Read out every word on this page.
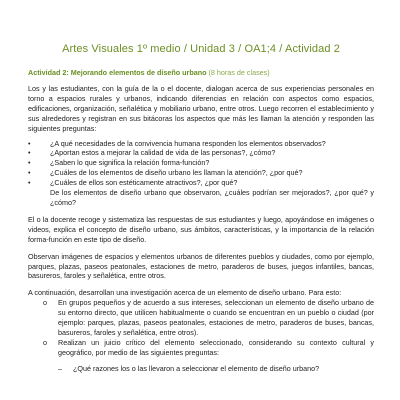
Artes Visuales 1º medio / Unidad 3 / OA1;4 / Actividad 2
Actividad 2: Mejorando elementos de diseño urbano (8 horas de clases)

Los y las estudiantes, con la guía de la o el docente, dialogan acerca de sus experiencias personales en torno a espacios rurales y urbanos, indicando diferencias en relación con aspectos como espacios, edificaciones, organización, señalética y mobiliario urbano, entre otros. Luego recorren el establecimiento y sus alrededores y registran en sus bitácoras los aspectos que más les llaman la atención y responden las siguientes preguntas:

•	¿A qué necesidades de la convivencia humana responden los elementos observados?
•	¿Aportan estos a mejorar la calidad de vida de las personas?, ¿cómo?
•	¿Saben lo que significa la relación forma-función?
•	¿Cuáles de los elementos de diseño urbano les llaman la atención?, ¿por qué?
•	¿Cuáles de ellos son estéticamente atractivos?, ¿por qué?
De los elementos de diseño urbano que observaron, ¿cuáles podrían ser mejorados?, ¿por qué? y ¿cómo?

El o la docente recoge y sistematiza las respuestas de sus estudiantes y luego, apoyándose en imágenes o videos, explica el concepto de diseño urbano, sus ámbitos, características, y la importancia de la relación forma-función en este tipo de diseño.

Observan imágenes de espacios y elementos urbanos de diferentes pueblos y ciudades, como por ejemplo, parques, plazas, paseos peatonales, estaciones de metro, paraderos de buses, juegos infantiles, bancas, basureros, faroles y señalética, entre otros.

A continuación, desarrollan una investigación acerca de un elemento de diseño urbano. Para esto:

o En grupos pequeños y de acuerdo a sus intereses, seleccionan un elemento de diseño urbano de su entorno directo, que utilicen habitualmente o cuando se encuentran en un pueblo o ciudad (por ejemplo: parques, plazas, paseos peatonales, estaciones de metro, paraderos de buses, bancas, basureros, faroles y señalética, entre otros).
o Realizan un juicio crítico del elemento seleccionado, considerando su contexto cultural y geográfico, por medio de las siguientes preguntas:
– ¿Qué razones los o las llevaron a seleccionar el elemento de diseño urbano?
